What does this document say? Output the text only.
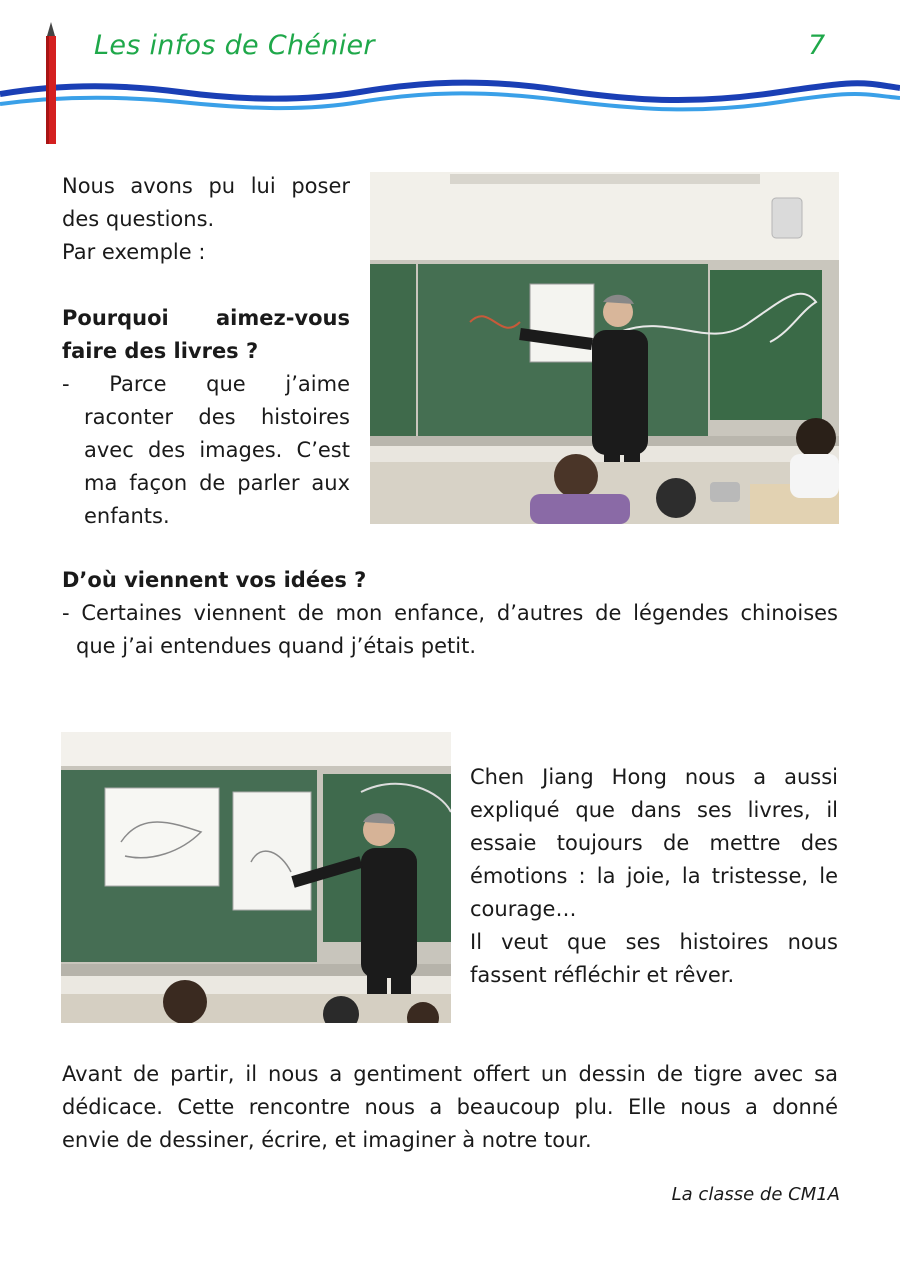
Les infos de Chénier	7
Nous avons pu lui poser
des questions.
Par exemple :
Pourquoi aimez-vous
faire des livres ?
- Parce que j’aime
raconter des histoires
avec des images. C’est
ma façon de parler aux
enfants.
D’où viennent vos idées ?
- Certaines viennent de mon enfance, d’autres de légendes chinoises
que j’ai entendues quand j’étais petit.
Chen Jiang Hong nous a aussi
expliqué que dans ses livres, il
essaie toujours de mettre des
émotions : la joie, la tristesse, le
courage…
Il veut que ses histoires nous
fassent réfléchir et rêver.
Avant de partir, il nous a gentiment offert un dessin de tigre avec sa
dédicace. Cette rencontre nous a beaucoup plu. Elle nous a donné
envie de dessiner, écrire, et imaginer à notre tour.
La classe de CM1A
